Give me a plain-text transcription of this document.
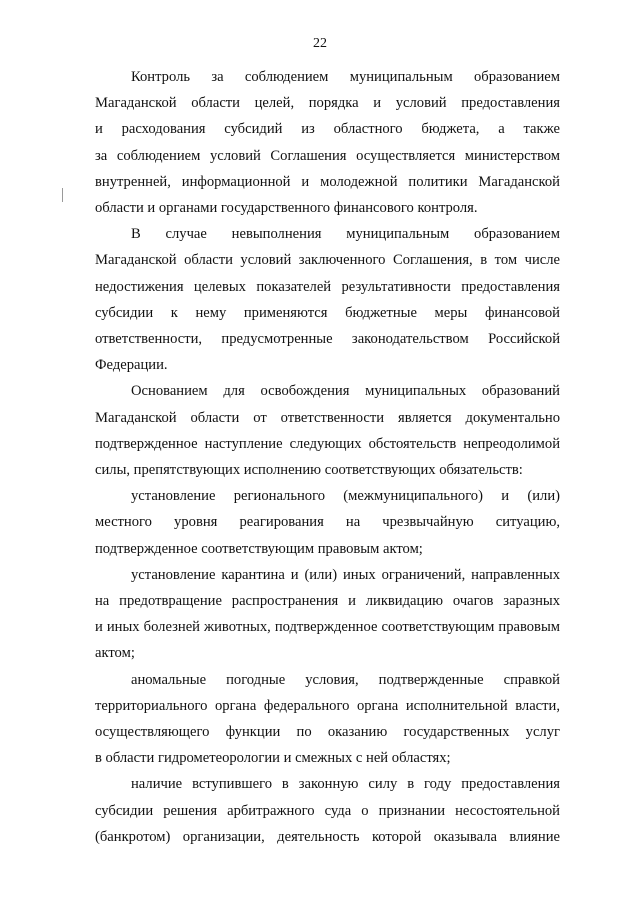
22
Контроль за соблюдением муниципальным образованием
Магаданской области целей, порядка и условий предоставления
и расходования субсидий из областного бюджета, а также
за соблюдением условий Соглашения осуществляется министерством
внутренней, информационной и молодежной политики Магаданской
области и органами государственного финансового контроля.
В случае невыполнения муниципальным образованием
Магаданской области условий заключенного Соглашения, в том числе
недостижения целевых показателей результативности предоставления
субсидии к нему применяются бюджетные меры финансовой
ответственности, предусмотренные законодательством Российской
Федерации.
Основанием для освобождения муниципальных образований
Магаданской области от ответственности является документально
подтвержденное наступление следующих обстоятельств непреодолимой
силы, препятствующих исполнению соответствующих обязательств:
установление регионального (межмуниципального) и (или)
местного уровня реагирования на чрезвычайную ситуацию,
подтвержденное соответствующим правовым актом;
установление карантина и (или) иных ограничений, направленных
на предотвращение распространения и ликвидацию очагов заразных
и иных болезней животных, подтвержденное соответствующим правовым
актом;
аномальные погодные условия, подтвержденные справкой
территориального органа федерального органа исполнительной власти,
осуществляющего функции по оказанию государственных услуг
в области гидрометеорологии и смежных с ней областях;
наличие вступившего в законную силу в году предоставления
субсидии решения арбитражного суда о признании несостоятельной
(банкротом) организации, деятельность которой оказывала влияние
